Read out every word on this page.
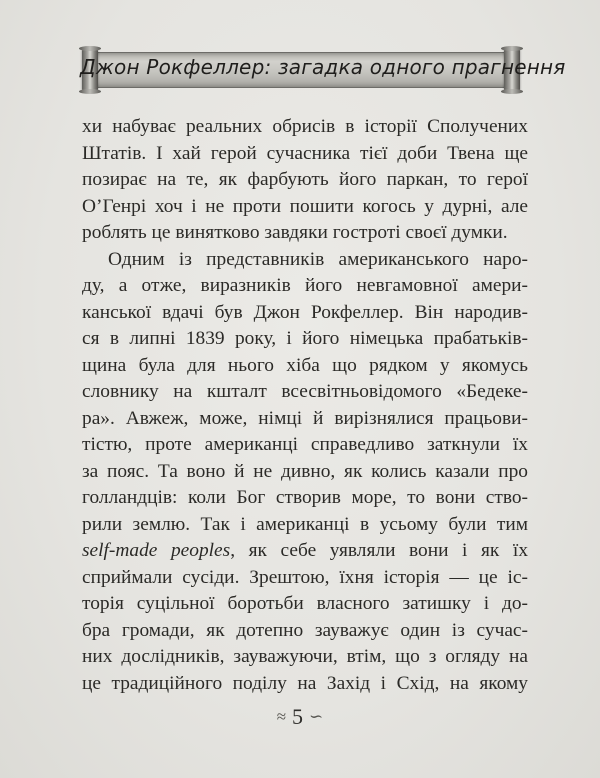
Джон Рокфеллер: загадка одного прагнення
хи набуває реальних обрисів в історії Сполучених
Штатів. І хай герой сучасника тієї доби Твена ще
позирає на те, як фарбують його паркан, то герої
О’Генрі хоч і не проти пошити когось у дурні, але
роблять це винятково завдяки гостроті своєї думки.
Одним із представників американського наро-
ду, а отже, виразників його невгамовної амери-
канської вдачі був Джон Рокфеллер. Він народив-
ся в липні 1839 року, і його німецька прабатьків-
щина була для нього хіба що рядком у якомусь
словнику на кшталт всесвітньовідомого «Бедеке-
ра». Авжеж, може, німці й вирізнялися працьови-
тістю, проте американці справедливо заткнули їх
за пояс. Та воно й не дивно, як колись казали про
голландців: коли Бог створив море, то вони ство-
рили землю. Так і американці в усьому були тим
self-made peoples, як себе уявляли вони і як їх
сприймали сусіди. Зрештою, їхня історія — це іс-
торія суцільної боротьби власного затишку і до-
бра громади, як дотепно зауважує один із сучас-
них дослідників, зауважуючи, втім, що з огляду на
це традиційного поділу на Захід і Схід, на якому
≈ 5 ∽
